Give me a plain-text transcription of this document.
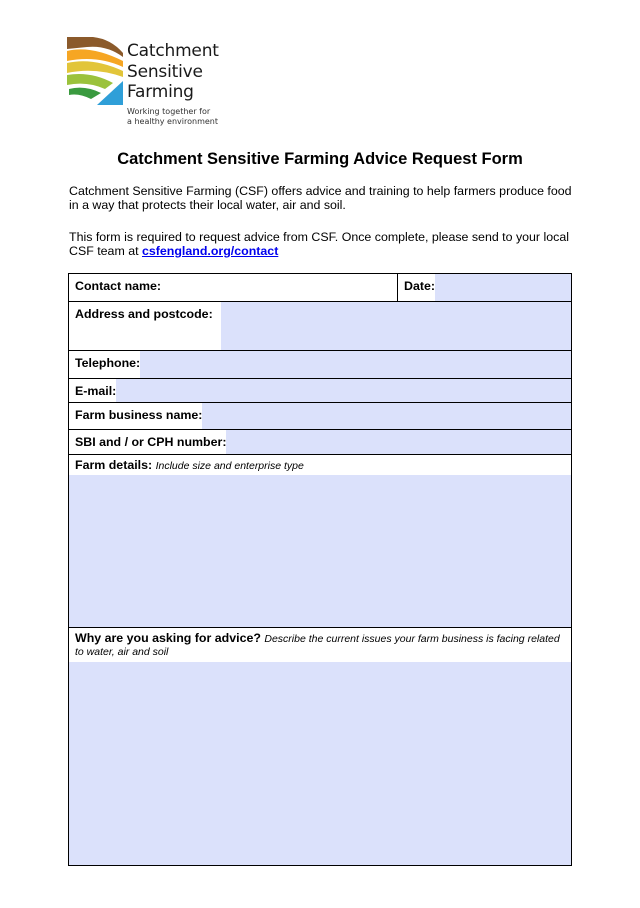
Catchment
Sensitive
Farming
Working together for
a healthy environment
Catchment Sensitive Farming Advice Request Form
Catchment Sensitive Farming (CSF) offers advice and training to help farmers produce food in a way that protects their local water, air and soil.
This form is required to request advice from CSF. Once complete, please send to your local CSF team at csfengland.org/contact
Contact name:	Date:
Address and postcode:
Telephone:
E-mail:
Farm business name:
SBI and / or CPH number:
Farm details: Include size and enterprise type
Why are you asking for advice? Describe the current issues your farm business is facing related to water, air and soil
